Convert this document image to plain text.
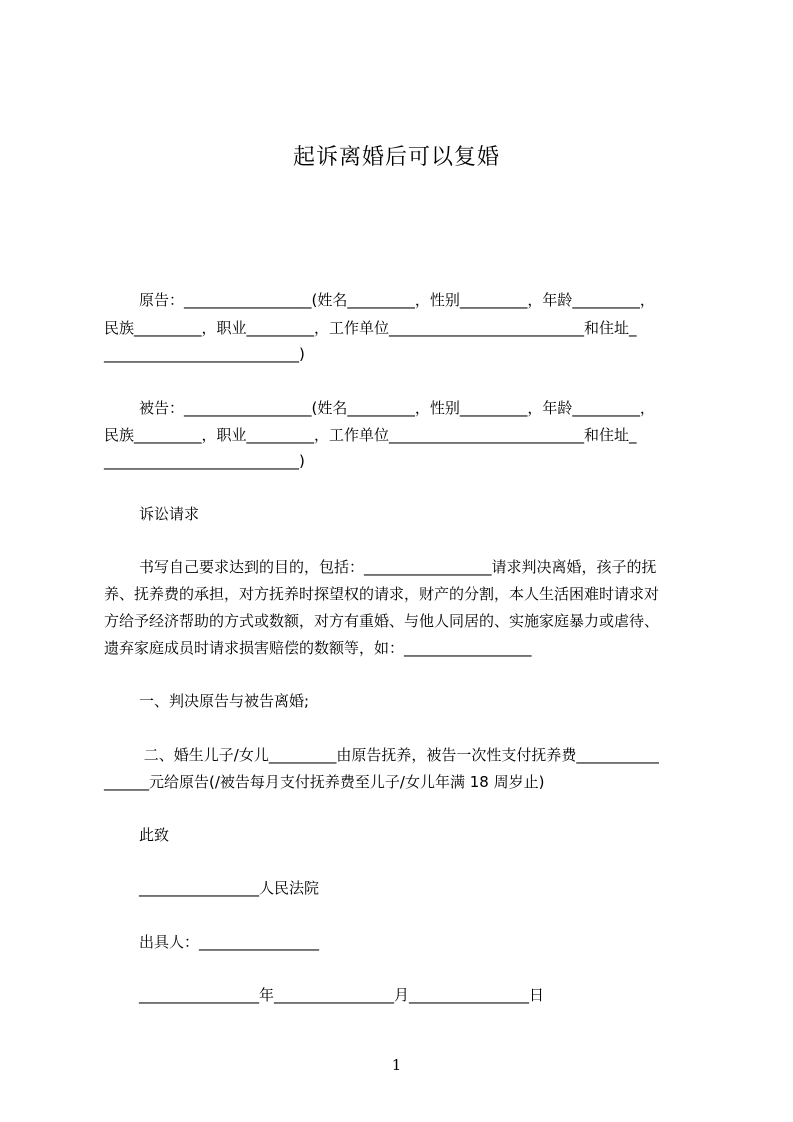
起诉离婚后可以复婚
原告：_________________(姓名_________，性别_________，年龄_________，
民族_________，职业_________，工作单位__________________________和住址_
__________________________)
被告：_________________(姓名_________，性别_________，年龄_________，
民族_________，职业_________，工作单位__________________________和住址_
__________________________)
诉讼请求
书写自己要求达到的目的，包括：_________________请求判决离婚，孩子的抚
养、抚养费的承担，对方抚养时探望权的请求，财产的分割，本人生活困难时请求对
方给予经济帮助的方式或数额，对方有重婚、与他人同居的、实施家庭暴力或虐待、
遗弃家庭成员时请求损害赔偿的数额等，如：_________________
一、判决原告与被告离婚;
二、婚生儿子/女儿_________由原告抚养，被告一次性支付抚养费___________
______元给原告(/被告每月支付抚养费至儿子/女儿年满 18 周岁止)
此致
________________人民法院
出具人：________________
________________年________________月________________日
1
